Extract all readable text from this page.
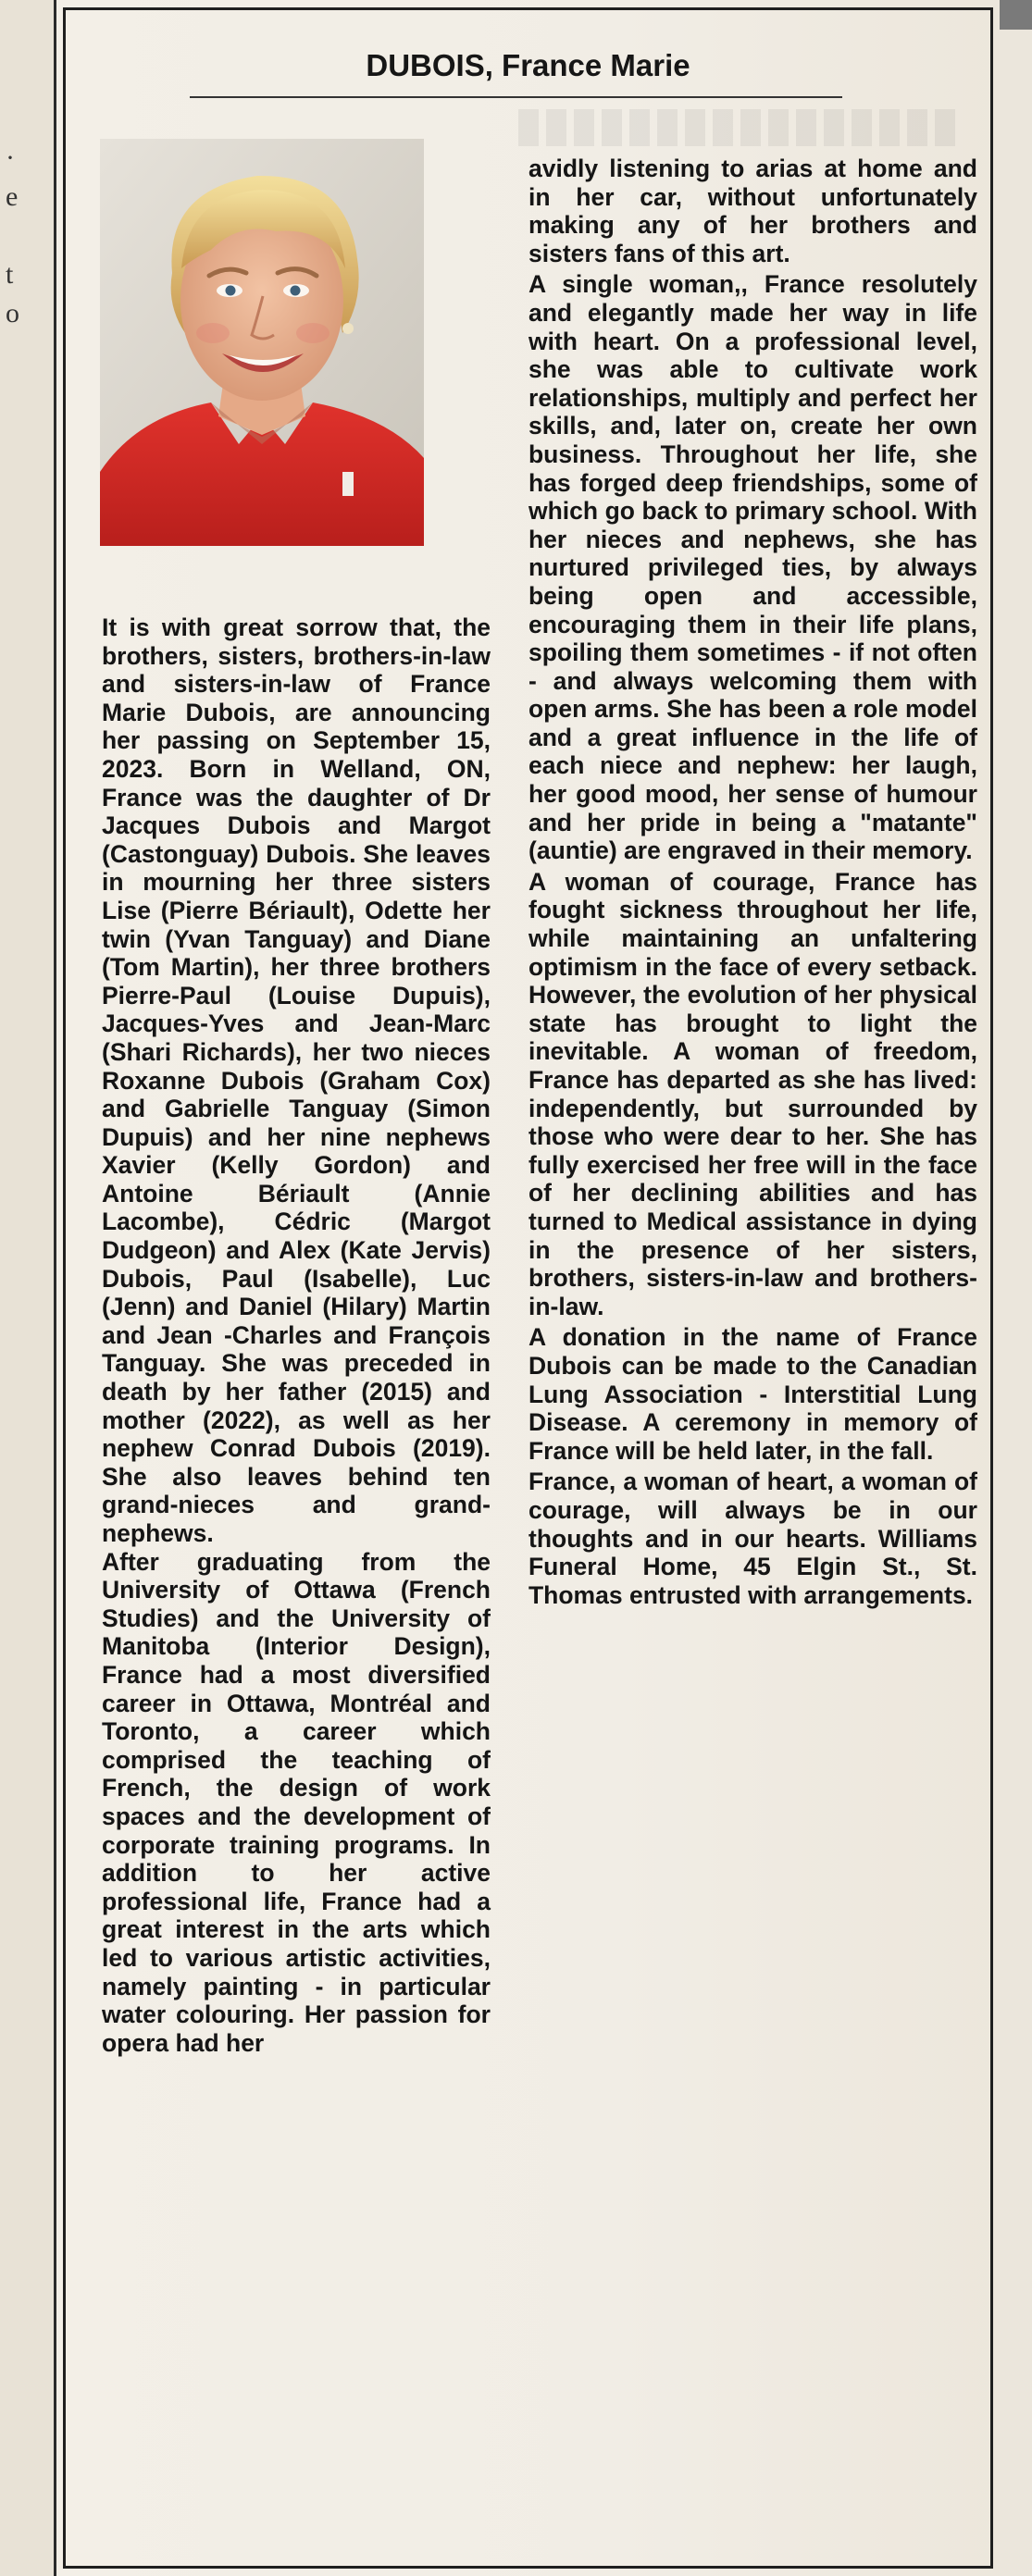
·
e

t
o
DUBOIS, France Marie

It is with great sorrow that, the brothers, sisters, brothers-in-law and sisters-in-law of France Marie Dubois, are announcing her passing on September 15, 2023. Born in Welland, ON, France was the daughter of Dr Jacques Dubois and Margot (Castonguay) Dubois. She leaves in mourning her three sisters Lise (Pierre Bériault), Odette her twin (Yvan Tanguay) and Diane (Tom Martin), her three brothers Pierre-Paul (Louise Dupuis), Jacques-Yves and Jean-Marc (Shari Richards), her two nieces Roxanne Dubois (Graham Cox) and Gabrielle Tanguay (Simon Dupuis) and her nine nephews Xavier (Kelly Gordon) and Antoine Bériault (Annie Lacombe), Cédric (Margot Dudgeon) and Alex (Kate Jervis) Dubois, Paul (Isabelle), Luc (Jenn) and Daniel (Hilary) Martin and Jean -Charles and François Tanguay. She was preceded in death by her father (2015) and mother (2022), as well as her nephew Conrad Dubois (2019). She also leaves behind ten grand-nieces and grand-nephews.

After graduating from the University of Ottawa (French Studies) and the University of Manitoba (Interior Design), France had a most diversified career in Ottawa, Montréal and Toronto, a career which comprised the teaching of French, the design of work spaces and the development of corporate training programs. In addition to her active professional life, France had a great interest in the arts which led to various artistic activities, namely painting - in particular water colouring. Her passion for opera had her

avidly listening to arias at home and in her car, without unfortunately making any of her brothers and sisters fans of this art.

A single woman,, France resolutely and elegantly made her way in life with heart. On a professional level, she was able to cultivate work relationships, multiply and perfect her skills, and, later on, create her own business. Throughout her life, she has forged deep friendships, some of which go back to primary school. With her nieces and nephews, she has nurtured privileged ties, by always being open and accessible, encouraging them in their life plans, spoiling them sometimes - if not often - and always welcoming them with open arms. She has been a role model and a great influence in the life of each niece and nephew: her laugh, her good mood, her sense of humour and her pride in being a "matante" (auntie) are engraved in their memory.

A woman of courage, France has fought sickness throughout her life, while maintaining an unfaltering optimism in the face of every setback. However, the evolution of her physical state has brought to light the inevitable. A woman of freedom, France has departed as she has lived: independently, but surrounded by those who were dear to her. She has fully exercised her free will in the face of her declining abilities and has turned to Medical assistance in dying in the presence of her sisters, brothers, sisters-in-law and brothers-in-law.

A donation in the name of France Dubois can be made to the Canadian Lung Association - Interstitial Lung Disease. A ceremony in memory of France will be held later, in the fall.

France, a woman of heart, a woman of courage, will always be in our thoughts and in our hearts. Williams Funeral Home, 45 Elgin St., St. Thomas entrusted with arrangements.
